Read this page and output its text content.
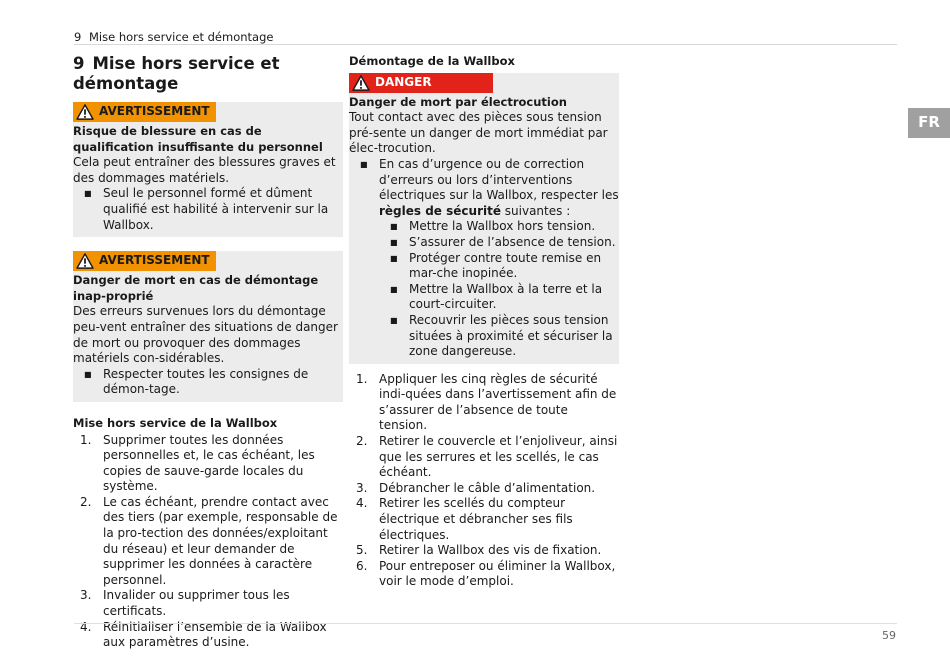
9 Mise hors service et démontage
FR
9 Mise hors service et
démontage
AVERTISSEMENT
Risque de blessure en cas de qualification insuffisante du personnel

Cela peut entraîner des blessures graves et des dommages matériels.

■ Seul le personnel formé et dûment qualifié est habilité à intervenir sur la Wallbox.
AVERTISSEMENT
Danger de mort en cas de démontage inap-proprié

Des erreurs survenues lors du démontage peu-vent entraîner des situations de danger de mort ou provoquer des dommages matériels con-sidérables.

■ Respecter toutes les consignes de démon-tage.
Mise hors service de la Wallbox
1. Supprimer toutes les données personnelles et, le cas échéant, les copies de sauve-garde locales du système.
2. Le cas échéant, prendre contact avec des tiers (par exemple, responsable de la pro-tection des données/exploitant du réseau) et leur demander de supprimer les données à caractère personnel.
3. Invalider ou supprimer tous les certificats.
4. Réinitialiser l’ensemble de la Wallbox aux paramètres d’usine.
Démontage de la Wallbox
DANGER
Danger de mort par électrocution

Tout contact avec des pièces sous tension pré-sente un danger de mort immédiat par élec-trocution.

■ En cas d’urgence ou de correction d’erreurs ou lors d’interventions électriques sur la Wallbox, respecter les règles de sécurité suivantes :
■ Mettre la Wallbox hors tension.
■ S’assurer de l’absence de tension.
■ Protéger contre toute remise en mar-che inopinée.
■ Mettre la Wallbox à la terre et la court-circuiter.
■ Recouvrir les pièces sous tension situées à proximité et sécuriser la zone dangereuse.
1. Appliquer les cinq règles de sécurité indi-quées dans l’avertissement afin de s’assurer de l’absence de toute tension.
2. Retirer le couvercle et l’enjoliveur, ainsi que les serrures et les scellés, le cas échéant.
3. Débrancher le câble d’alimentation.
4. Retirer les scellés du compteur électrique et débrancher ses fils électriques.
5. Retirer la Wallbox des vis de fixation.
6. Pour entreposer ou éliminer la Wallbox, voir le mode d’emploi.
59
